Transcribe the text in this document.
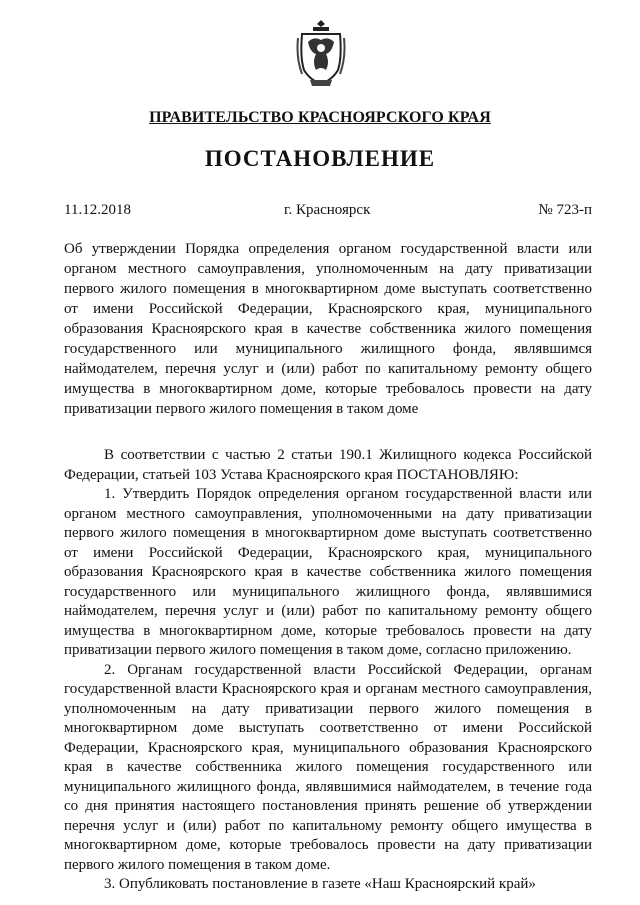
ПРАВИТЕЛЬСТВО КРАСНОЯРСКОГО КРАЯ
ПОСТАНОВЛЕНИЕ
11.12.2018	г. Красноярск	№ 723-п
Об утверждении Порядка определения органом государственной власти или органом местного самоуправления, уполномоченным на дату приватизации первого жилого помещения в многоквартирном доме выступать соответственно от имени Российской Федерации, Красноярского края, муниципального образования Красноярского края в качестве собственника жилого помещения государственного или муниципального жилищного фонда, являвшимся наймодателем, перечня услуг и (или) работ по капитальному ремонту общего имущества в многоквартирном доме, которые требовалось провести на дату приватизации первого жилого помещения в таком доме

В соответствии с частью 2 статьи 190.1 Жилищного кодекса Российской Федерации, статьей 103 Устава Красноярского края ПОСТАНОВЛЯЮ:

1. Утвердить Порядок определения органом государственной власти или органом местного самоуправления, уполномоченными на дату приватизации первого жилого помещения в многоквартирном доме выступать соответственно от имени Российской Федерации, Красноярского края, муниципального образования Красноярского края в качестве собственника жилого помещения государственного или муниципального жилищного фонда, являвшимися наймодателем, перечня услуг и (или) работ по капитальному ремонту общего имущества в многоквартирном доме, которые требовалось провести на дату приватизации первого жилого помещения в таком доме, согласно приложению.

2. Органам государственной власти Российской Федерации, органам государственной власти Красноярского края и органам местного самоуправления, уполномоченным на дату приватизации первого жилого помещения в многоквартирном доме выступать соответственно от имени Российской Федерации, Красноярского края, муниципального образования Красноярского края в качестве собственника жилого помещения государственного или муниципального жилищного фонда, являвшимися наймодателем, в течение года со дня принятия настоящего постановления принять решение об утверждении перечня услуг и (или) работ по капитальному ремонту общего имущества в многоквартирном доме, которые требовалось провести на дату приватизации первого жилого помещения в таком доме.

3. Опубликовать постановление в газете «Наш Красноярский край»
